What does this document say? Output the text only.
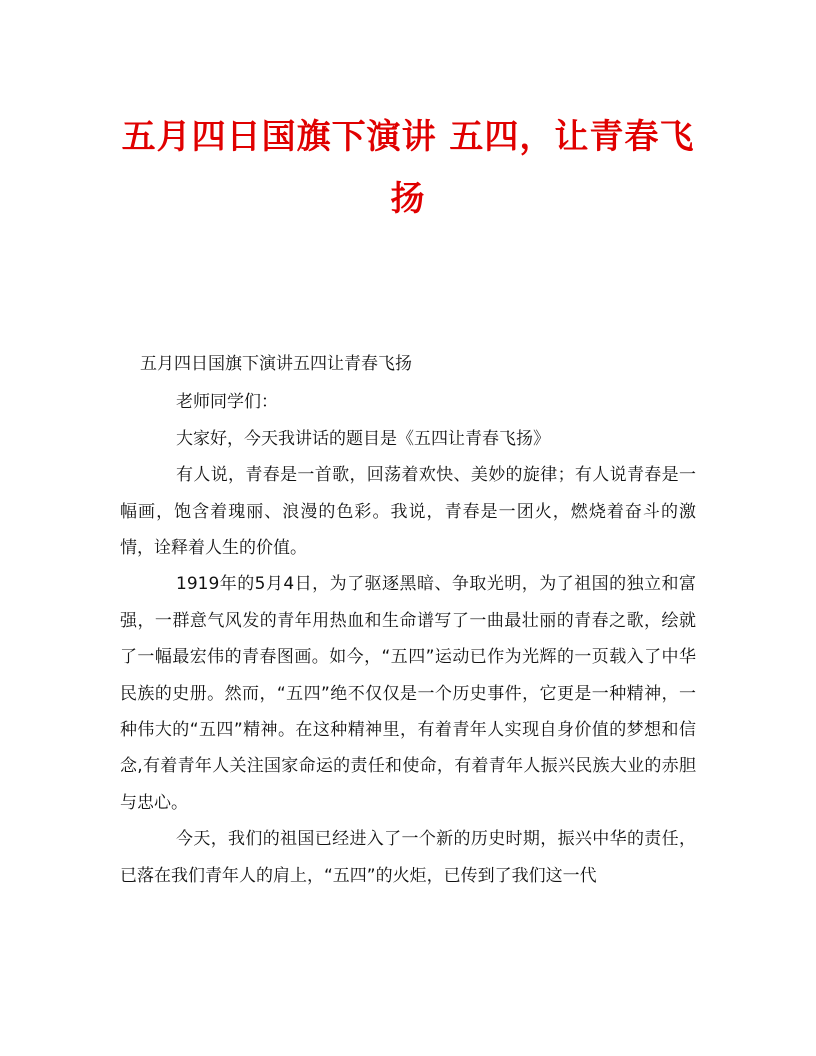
五月四日国旗下演讲 五四，让青春飞扬

五月四日国旗下演讲五四让青春飞扬

老师同学们：

大家好，今天我讲话的题目是《五四让青春飞扬》

有人说，青春是一首歌，回荡着欢快、美妙的旋律；有人说青春是一幅画，饱含着瑰丽、浪漫的色彩。我说，青春是一团火，燃烧着奋斗的激情，诠释着人生的价值。

1919年的5月4日，为了驱逐黑暗、争取光明，为了祖国的独立和富强，一群意气风发的青年用热血和生命谱写了一曲最壮丽的青春之歌，绘就了一幅最宏伟的青春图画。如今，“五四”运动已作为光辉的一页载入了中华民族的史册。然而，“五四”绝不仅仅是一个历史事件，它更是一种精神，一种伟大的“五四”精神。在这种精神里，有着青年人实现自身价值的梦想和信念,有着青年人关注国家命运的责任和使命，有着青年人振兴民族大业的赤胆与忠心。

今天，我们的祖国已经进入了一个新的历史时期，振兴中华的责任，已落在我们青年人的肩上，“五四”的火炬，已传到了我们这一代
